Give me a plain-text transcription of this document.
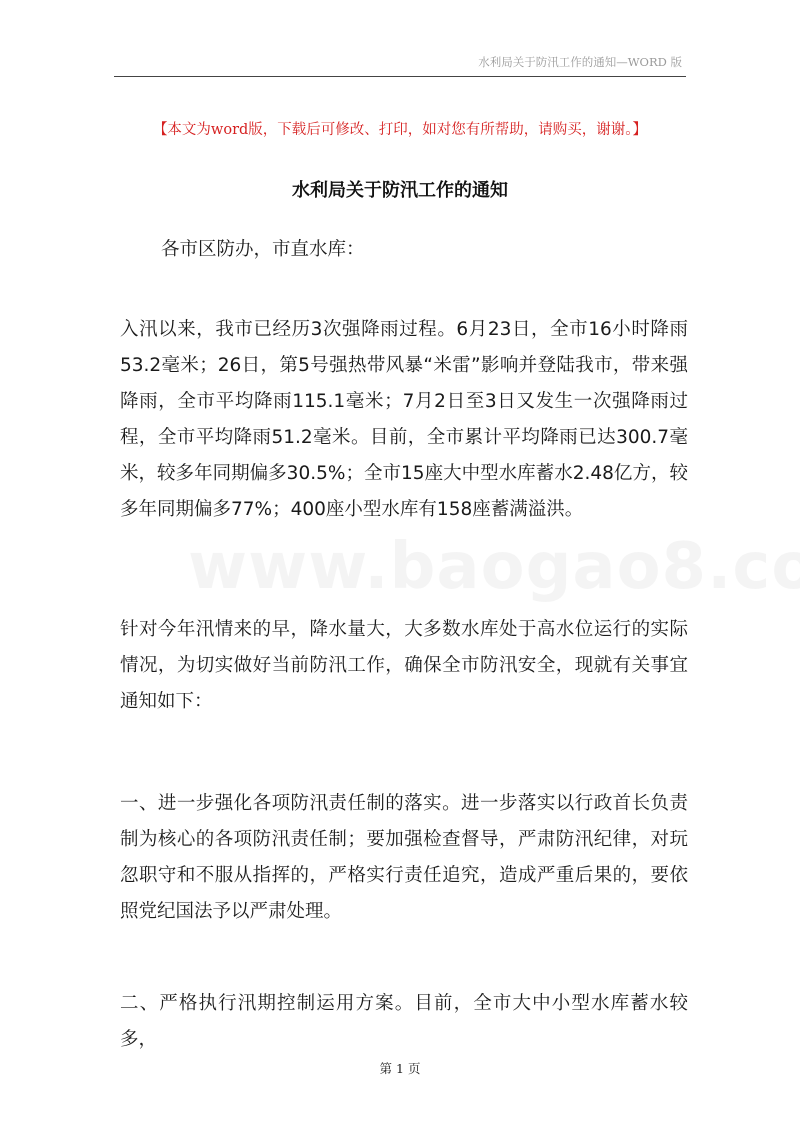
水利局关于防汛工作的通知—WORD 版
【本文为word版，下载后可修改、打印，如对您有所帮助，请购买，谢谢。】
水利局关于防汛工作的通知
各市区防办，市直水库：
入汛以来，我市已经历3次强降雨过程。6月23日，全市16小时降雨53.2毫米；26日，第5号强热带风暴“米雷”影响并登陆我市，带来强降雨，全市平均降雨115.1毫米；7月2日至3日又发生一次强降雨过程，全市平均降雨51.2毫米。目前，全市累计平均降雨已达300.7毫米，较多年同期偏多30.5%；全市15座大中型水库蓄水2.48亿方，较多年同期偏多77%；400座小型水库有158座蓄满溢洪。
针对今年汛情来的早，降水量大，大多数水库处于高水位运行的实际情况，为切实做好当前防汛工作，确保全市防汛安全，现就有关事宜通知如下：
一、进一步强化各项防汛责任制的落实。进一步落实以行政首长负责制为核心的各项防汛责任制；要加强检查督导，严肃防汛纪律，对玩忽职守和不服从指挥的，严格实行责任追究，造成严重后果的，要依照党纪国法予以严肃处理。
二、严格执行汛期控制运用方案。目前，全市大中小型水库蓄水较多，
第 1 页
